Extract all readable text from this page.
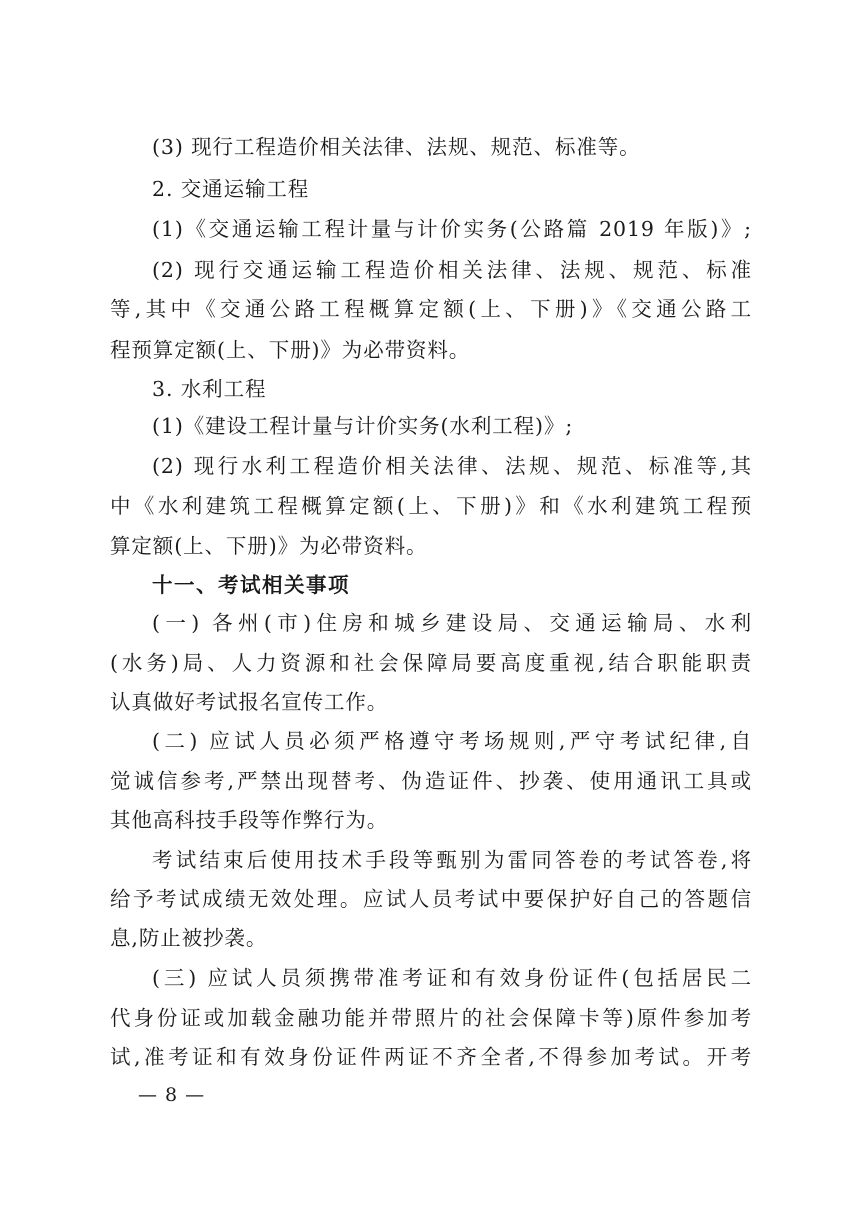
(3) 现行工程造价相关法律、法规、规范、标准等。
2. 交通运输工程
(1)《交通运输工程计量与计价实务(公路篇 2019 年版)》;
(2) 现行交通运输工程造价相关法律、法规、规范、标准
等,其中《交通公路工程概算定额(上、下册)》《交通公路工
程预算定额(上、下册)》为必带资料。
3. 水利工程
(1)《建设工程计量与计价实务(水利工程)》;
(2) 现行水利工程造价相关法律、法规、规范、标准等,其
中《水利建筑工程概算定额(上、下册)》和《水利建筑工程预
算定额(上、下册)》为必带资料。
十一、考试相关事项
(一) 各州(市)住房和城乡建设局、交通运输局、水利
(水务)局、人力资源和社会保障局要高度重视,结合职能职责
认真做好考试报名宣传工作。
(二) 应试人员必须严格遵守考场规则,严守考试纪律,自
觉诚信参考,严禁出现替考、伪造证件、抄袭、使用通讯工具或
其他高科技手段等作弊行为。
考试结束后使用技术手段等甄别为雷同答卷的考试答卷,将
给予考试成绩无效处理。应试人员考试中要保护好自己的答题信
息,防止被抄袭。
(三) 应试人员须携带准考证和有效身份证件(包括居民二
代身份证或加载金融功能并带照片的社会保障卡等)原件参加考
试,准考证和有效身份证件两证不齐全者,不得参加考试。开考
— 8 —
